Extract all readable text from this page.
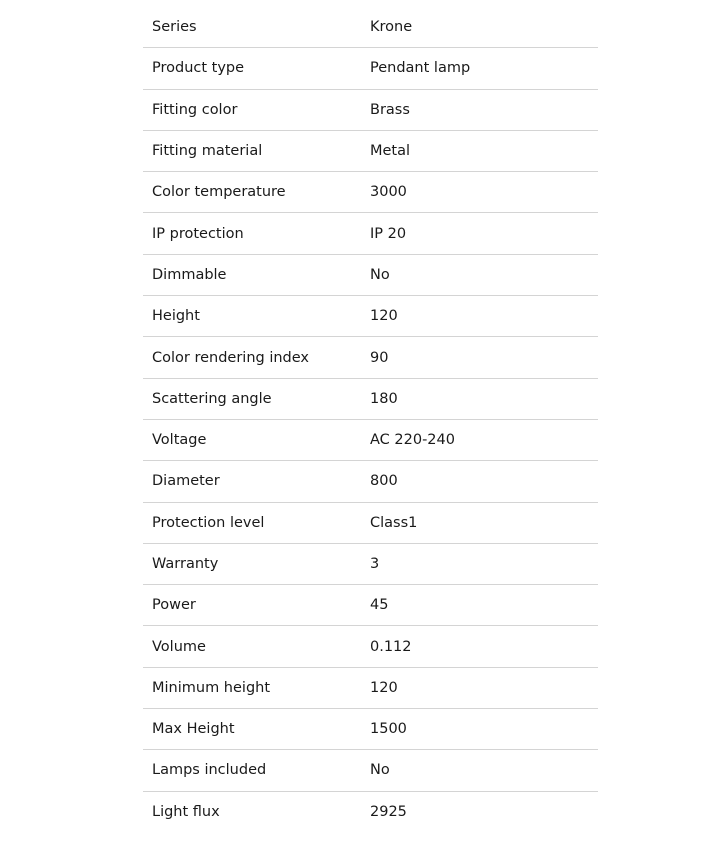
Series	Krone
Product type	Pendant lamp
Fitting color	Brass
Fitting material	Metal
Color temperature	3000
IP protection	IP 20
Dimmable	No
Height	120
Color rendering index	90
Scattering angle	180
Voltage	AC 220-240
Diameter	800
Protection level	Class1
Warranty	3
Power	45
Volume	0.112
Minimum height	120
Max Height	1500
Lamps included	No
Light flux	2925
